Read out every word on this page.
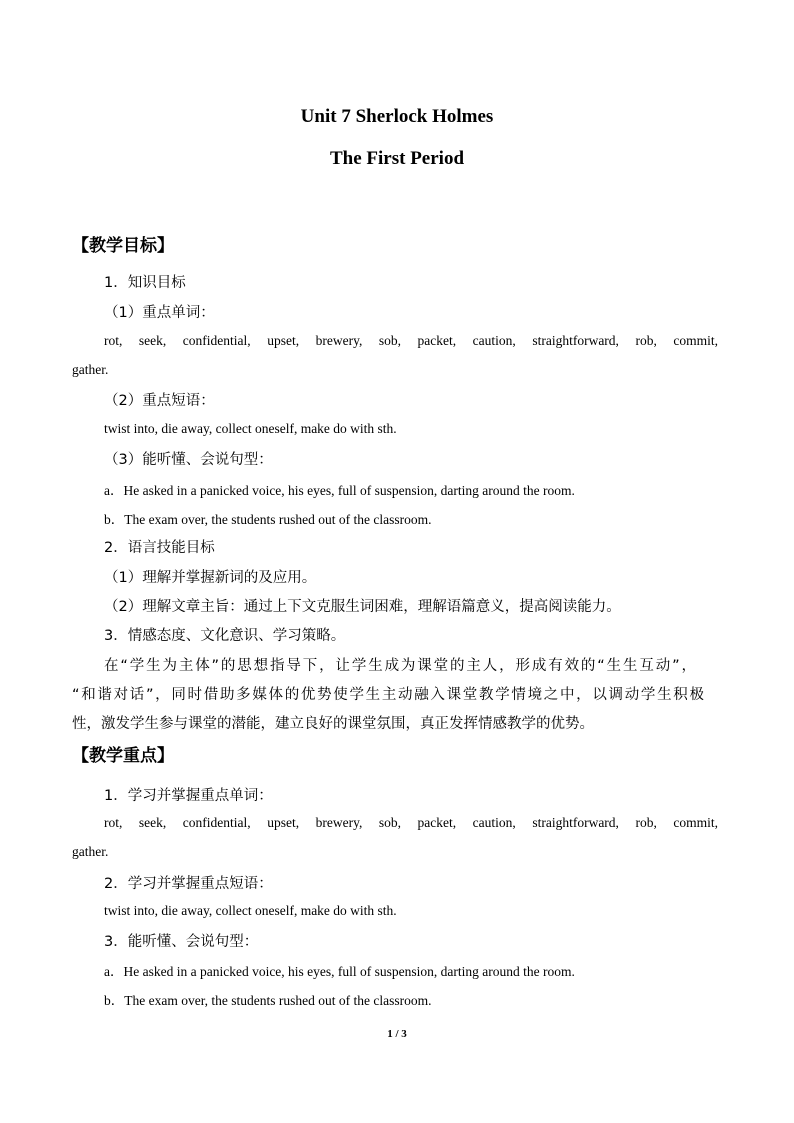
Unit 7 Sherlock Holmes
The First Period
【教学目标】
1．知识目标
（1）重点单词：
rot, seek, confidential, upset, brewery, sob, packet, caution, straightforward, rob, commit,
gather.
（2）重点短语：
twist into, die away, collect oneself, make do with sth.
（3）能听懂、会说句型：
a．He asked in a panicked voice, his eyes, full of suspension, darting around the room.
b．The exam over, the students rushed out of the classroom.
2．语言技能目标
（1）理解并掌握新词的及应用。
（2）理解文章主旨：通过上下文克服生词困难，理解语篇意义，提高阅读能力。
3．情感态度、文化意识、学习策略。
在“学生为主体”的思想指导下，让学生成为课堂的主人，形成有效的“生生互动”，
“和谐对话”，同时借助多媒体的优势使学生主动融入课堂教学情境之中，以调动学生积极
性，激发学生参与课堂的潜能，建立良好的课堂氛围，真正发挥情感教学的优势。
【教学重点】
1．学习并掌握重点单词：
rot, seek, confidential, upset, brewery, sob, packet, caution, straightforward, rob, commit,
gather.
2．学习并掌握重点短语：
twist into, die away, collect oneself, make do with sth.
3．能听懂、会说句型：
a．He asked in a panicked voice, his eyes, full of suspension, darting around the room.
b．The exam over, the students rushed out of the classroom.
1 / 3
